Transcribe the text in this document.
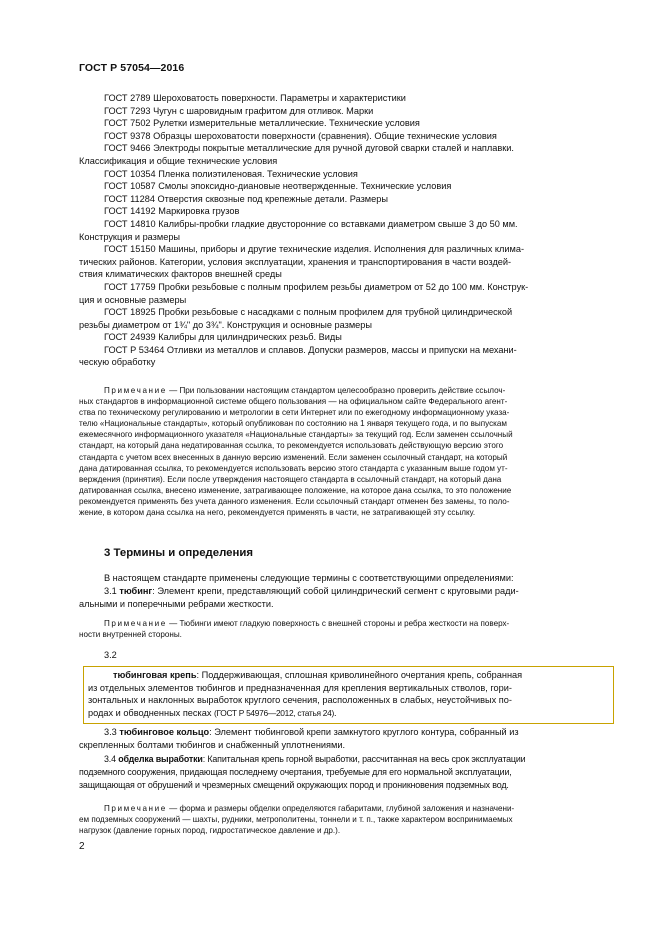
ГОСТ Р 57054—2016
ГОСТ 2789 Шероховатость поверхности. Параметры и характеристики
ГОСТ 7293 Чугун с шаровидным графитом для отливок. Марки
ГОСТ 7502 Рулетки измерительные металлические. Технические условия
ГОСТ 9378 Образцы шероховатости поверхности (сравнения). Общие технические условия
ГОСТ 9466 Электроды покрытые металлические для ручной дуговой сварки сталей и наплавки.
Классификация и общие технические условия
ГОСТ 10354 Пленка полиэтиленовая. Технические условия
ГОСТ 10587 Смолы эпоксидно-диановые неотвержденные. Технические условия
ГОСТ 11284 Отверстия сквозные под крепежные детали. Размеры
ГОСТ 14192 Маркировка грузов
ГОСТ 14810 Калибры-пробки гладкие двусторонние со вставками диаметром свыше 3 до 50 мм.
Конструкция и размеры
ГОСТ 15150 Машины, приборы и другие технические изделия. Исполнения для различных клима-
тических районов. Категории, условия эксплуатации, хранения и транспортирования в части воздей-
ствия климатических факторов внешней среды
ГОСТ 17759 Пробки резьбовые с полным профилем резьбы диаметром от 52 до 100 мм. Конструк-
ция и основные размеры
ГОСТ 18925 Пробки резьбовые с насадками с полным профилем для трубной цилиндрической
резьбы диаметром от 1¾" до 3¾". Конструкция и основные размеры
ГОСТ 24939 Калибры для цилиндрических резьб. Виды
ГОСТ Р 53464 Отливки из металлов и сплавов. Допуски размеров, массы и припуски на механи-
ческую обработку
Примечание — При пользовании настоящим стандартом целесообразно проверить действие ссылоч-
ных стандартов в информационной системе общего пользования — на официальном сайте Федерального агент-
ства по техническому регулированию и метрологии в сети Интернет или по ежегодному информационному указа-
телю «Национальные стандарты», который опубликован по состоянию на 1 января текущего года, и по выпускам
ежемесячного информационного указателя «Национальные стандарты» за текущий год. Если заменен ссылочный
стандарт, на который дана недатированная ссылка, то рекомендуется использовать действующую версию этого
стандарта с учетом всех внесенных в данную версию изменений. Если заменен ссылочный стандарт, на который
дана датированная ссылка, то рекомендуется использовать версию этого стандарта с указанным выше годом ут-
верждения (принятия). Если после утверждения настоящего стандарта в ссылочный стандарт, на который дана
датированная ссылка, внесено изменение, затрагивающее положение, на которое дана ссылка, то это положение
рекомендуется применять без учета данного изменения. Если ссылочный стандарт отменен без замены, то поло-
жение, в котором дана ссылка на него, рекомендуется применять в части, не затрагивающей эту ссылку.
3 Термины и определения
В настоящем стандарте применены следующие термины с соответствующими определениями:
3.1 тюбинг: Элемент крепи, представляющий собой цилиндрический сегмент с круговыми ради-
альными и поперечными ребрами жесткости.
Примечание — Тюбинги имеют гладкую поверхность с внешней стороны и ребра жесткости на поверх-
ности внутренней стороны.
3.2
тюбинговая крепь: Поддерживающая, сплошная криволинейного очертания крепь, собранная
из отдельных элементов тюбингов и предназначенная для крепления вертикальных стволов, гори-
зонтальных и наклонных выработок круглого сечения, расположенных в слабых, неустойчивых по-
родах и обводненных песках (ГОСТ Р 54976—2012, статья 24).
3.3 тюбинговое кольцо: Элемент тюбинговой крепи замкнутого круглого контура, собранный из
скрепленных болтами тюбингов и снабженный уплотнениями.
3.4 обделка выработки: Капитальная крепь горной выработки, рассчитанная на весь срок эксплуатации
подземного сооружения, придающая последнему очертания, требуемые для его нормальной эксплуатации,
защищающая от обрушений и чрезмерных смещений окружающих пород и проникновения подземных вод.
Примечание — форма и размеры обделки определяются габаритами, глубиной заложения и назначени-
ем подземных сооружений — шахты, рудники, метрополитены, тоннели и т. п., также характером воспринимаемых
нагрузок (давление горных пород, гидростатическое давление и др.).
2
